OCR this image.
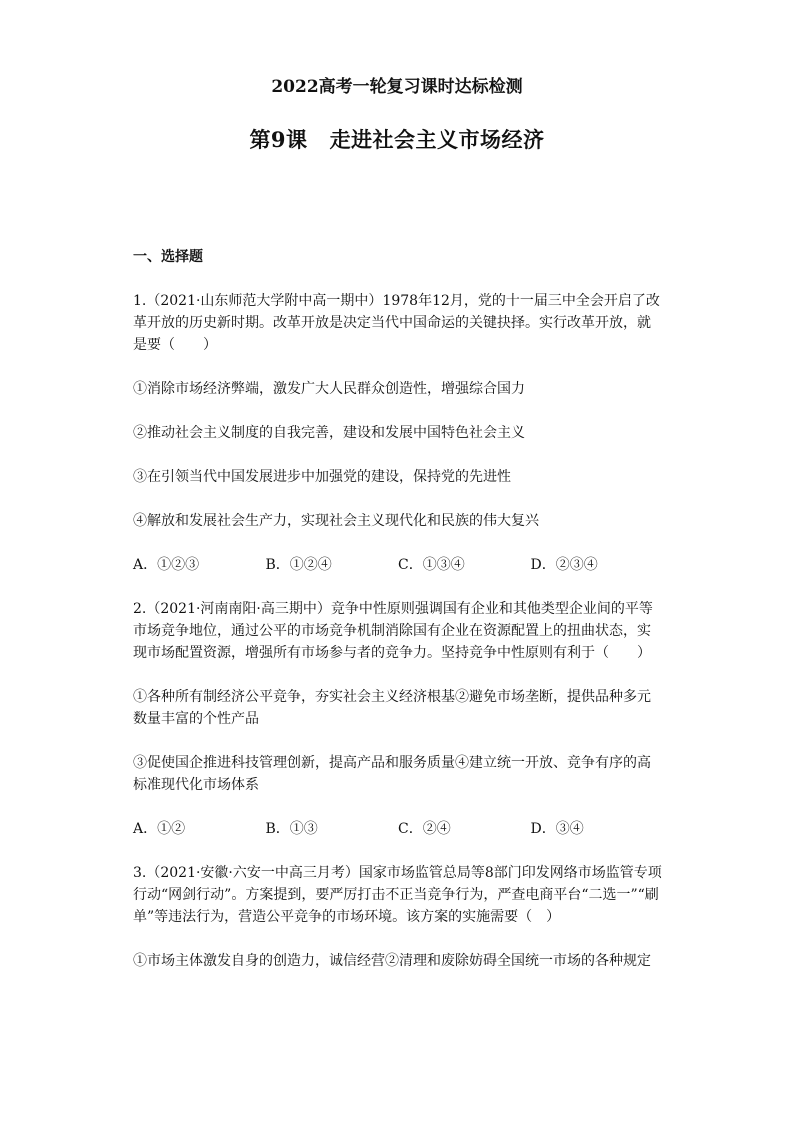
2022高考一轮复习课时达标检测
第9课 走进社会主义市场经济

一、选择题

1.（2021·山东师范大学附中高一期中）1978年12月，党的十一届三中全会开启了改革开放的历史新时期。改革开放是决定当代中国命运的关键抉择。实行改革开放，就是要（　　）

①消除市场经济弊端，激发广大人民群众创造性，增强综合国力

②推动社会主义制度的自我完善，建设和发展中国特色社会主义

③在引领当代中国发展进步中加强党的建设，保持党的先进性

④解放和发展社会生产力，实现社会主义现代化和民族的伟大复兴

A．①②③	B．①②④	C．①③④	D．②③④

2.（2021·河南南阳·高三期中）竞争中性原则强调国有企业和其他类型企业间的平等市场竞争地位，通过公平的市场竞争机制消除国有企业在资源配置上的扭曲状态，实现市场配置资源，增强所有市场参与者的竞争力。坚持竞争中性原则有利于（　　）

①各种所有制经济公平竞争，夯实社会主义经济根基②避免市场垄断，提供品种多元数量丰富的个性产品

③促使国企推进科技管理创新，提高产品和服务质量④建立统一开放、竞争有序的高标准现代化市场体系

A．①②	B．①③	C．②④	D．③④

3.（2021·安徽·六安一中高三月考）国家市场监管总局等8部门印发网络市场监管专项行动“网剑行动”。方案提到，要严厉打击不正当竞争行为，严查电商平台“二选一”“刷单”等违法行为，营造公平竞争的市场环境。该方案的实施需要（　）

①市场主体激发自身的创造力，诚信经营②清理和废除妨碍全国统一市场的各种规定
